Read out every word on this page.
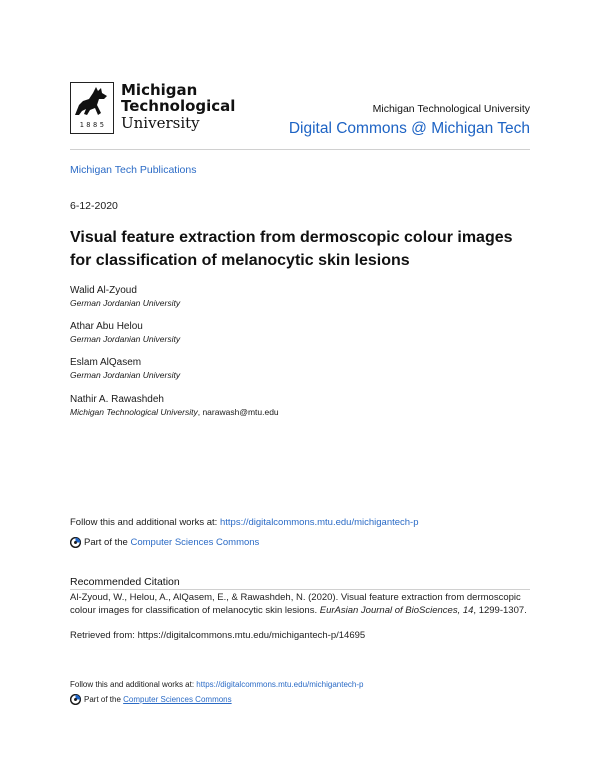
1885
Michigan
Technological
University
Michigan Technological University
Digital Commons @ Michigan Tech
Michigan Tech Publications
6-12-2020
Visual feature extraction from dermoscopic colour images for classification of melanocytic skin lesions
Walid Al-Zyoud
German Jordanian University
Athar Abu Helou
German Jordanian University
Eslam AlQasem
German Jordanian University
Nathir A. Rawashdeh
Michigan Technological University, narawash@mtu.edu
Follow this and additional works at: https://digitalcommons.mtu.edu/michigantech-p
Part of the Computer Sciences Commons
Recommended Citation
Al-Zyoud, W., Helou, A., AlQasem, E., & Rawashdeh, N. (2020). Visual feature extraction from dermoscopic colour images for classification of melanocytic skin lesions. EurAsian Journal of BioSciences, 14, 1299-1307.
Retrieved from: https://digitalcommons.mtu.edu/michigantech-p/14695
Follow this and additional works at: https://digitalcommons.mtu.edu/michigantech-p
Part of the Computer Sciences Commons
